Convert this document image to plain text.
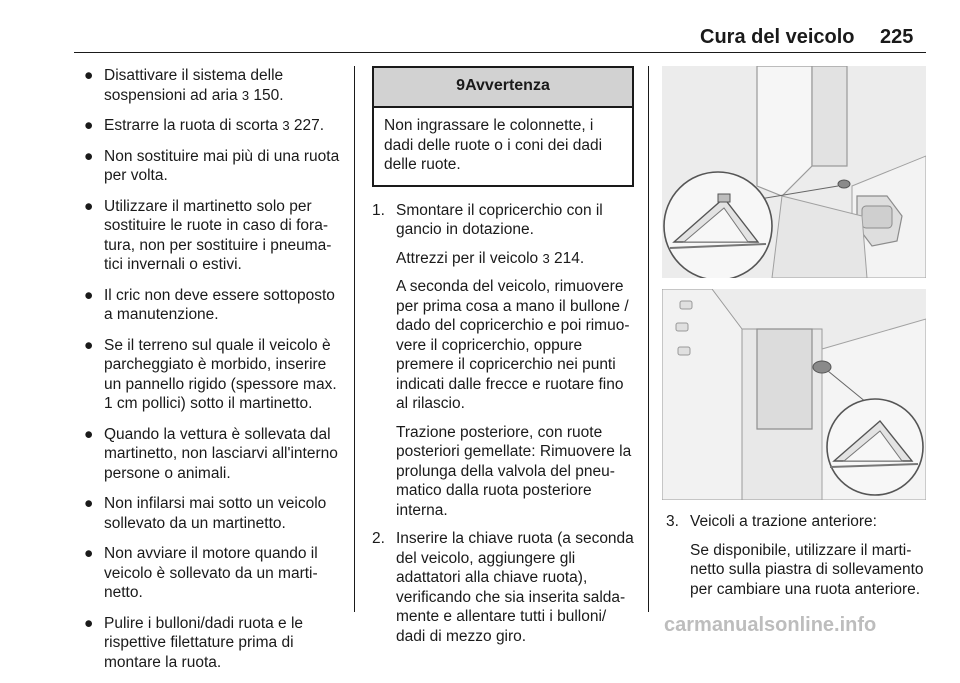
Cura del veicolo 225
● Disattivare il sistema delle sospensioni ad aria 3 150.
● Estrarre la ruota di scorta 3 227.
● Non sostituire mai più di una ruota per volta.
● Utilizzare il martinetto solo per sostituire le ruote in caso di foratura, non per sostituire i pneumatici invernali o estivi.
● Il cric non deve essere sottoposto a manutenzione.
● Se il terreno sul quale il veicolo è parcheggiato è morbido, inserire un pannello rigido (spessore max. 1 cm pollici) sotto il martinetto.
● Quando la vettura è sollevata dal martinetto, non lasciarvi all'interno persone o animali.
● Non infilarsi mai sotto un veicolo sollevato da un martinetto.
● Non avviare il motore quando il veicolo è sollevato da un martinetto.
● Pulire i bulloni/dadi ruota e le rispettive filettature prima di montare la ruota.
9Avvertenza
Non ingrassare le colonnette, i dadi delle ruote o i coni dei dadi delle ruote.
1. Smontare il copricerchio con il gancio in dotazione.

Attrezzi per il veicolo 3 214.

A seconda del veicolo, rimuovere per prima cosa a mano il bullone / dado del copricerchio e poi rimuovere il copricerchio, oppure premere il copricerchio nei punti indicati dalle frecce e ruotare fino al rilascio.

Trazione posteriore, con ruote posteriori gemellate: Rimuovere la prolunga della valvola del pneumatico dalla ruota posteriore interna.

2. Inserire la chiave ruota (a seconda del veicolo, aggiungere gli adattatori alla chiave ruota), verificando che sia inserita saldamente e allentare tutti i bulloni/ dadi di mezzo giro.

3. Veicoli a trazione anteriore:

Se disponibile, utilizzare il martinetto sulla piastra di sollevamento per cambiare una ruota anteriore.

carmanualsonline.info
